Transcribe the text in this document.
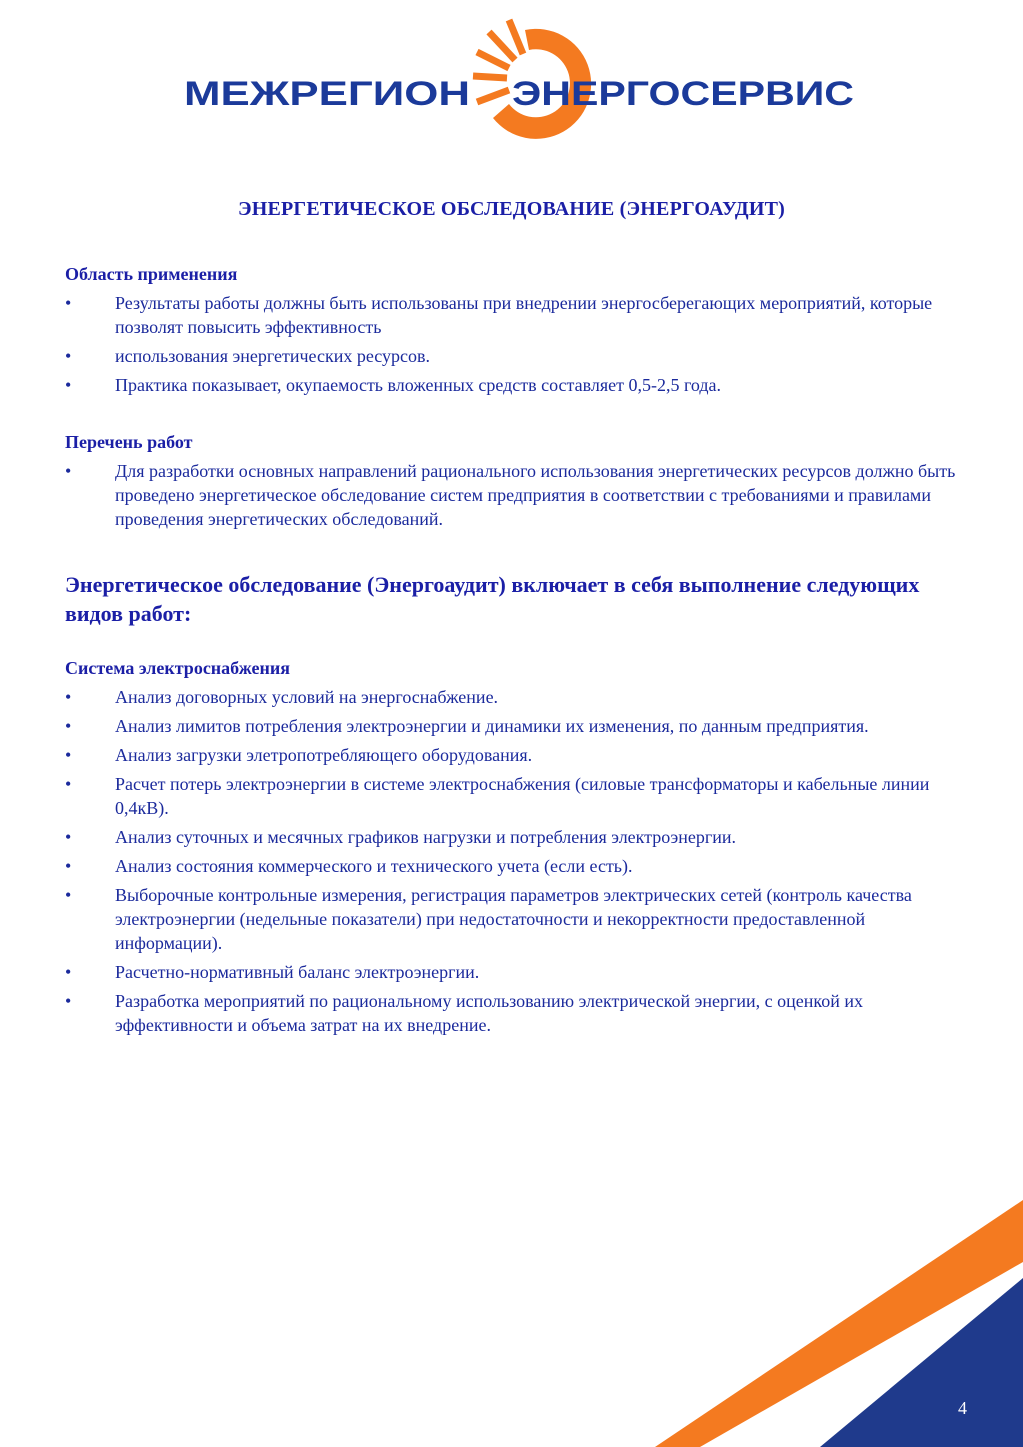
МЕЖРЕГИОН ЭНЕРГОСЕРВИС
ЭНЕРГЕТИЧЕСКОЕ ОБСЛЕДОВАНИЕ (ЭНЕРГОАУДИТ)
Область применения
• Результаты работы должны быть использованы при внедрении энергосберегающих мероприятий, которые позволят повысить эффективность
• использования энергетических ресурсов.
• Практика показывает, окупаемость вложенных средств составляет 0,5-2,5 года.
Перечень работ
• Для разработки основных направлений рационального использования энергетических ресурсов должно быть проведено энергетическое обследование систем предприятия в соответствии с требованиями и правилами проведения энергетических обследований.
Энергетическое обследование (Энергоаудит) включает в себя выполнение следующих видов работ:
Система электроснабжения
• Анализ договорных условий на энергоснабжение.
• Анализ лимитов потребления электроэнергии и динамики их изменения, по данным предприятия.
• Анализ загрузки элетропотребляющего оборудования.
• Расчет потерь электроэнергии в системе электроснабжения (силовые трансформаторы и кабельные линии 0,4кВ).
• Анализ суточных и месячных графиков нагрузки и потребления электроэнергии.
• Анализ состояния коммерческого и технического учета (если есть).
• Выборочные контрольные измерения, регистрация параметров электрических сетей (контроль качества электроэнергии (недельные показатели) при недостаточности и некорректности предоставленной информации).
• Расчетно-нормативный баланс электроэнергии.
• Разработка мероприятий по рациональному использованию электрической энергии, с оценкой их эффективности и объема затрат на их внедрение.
4
